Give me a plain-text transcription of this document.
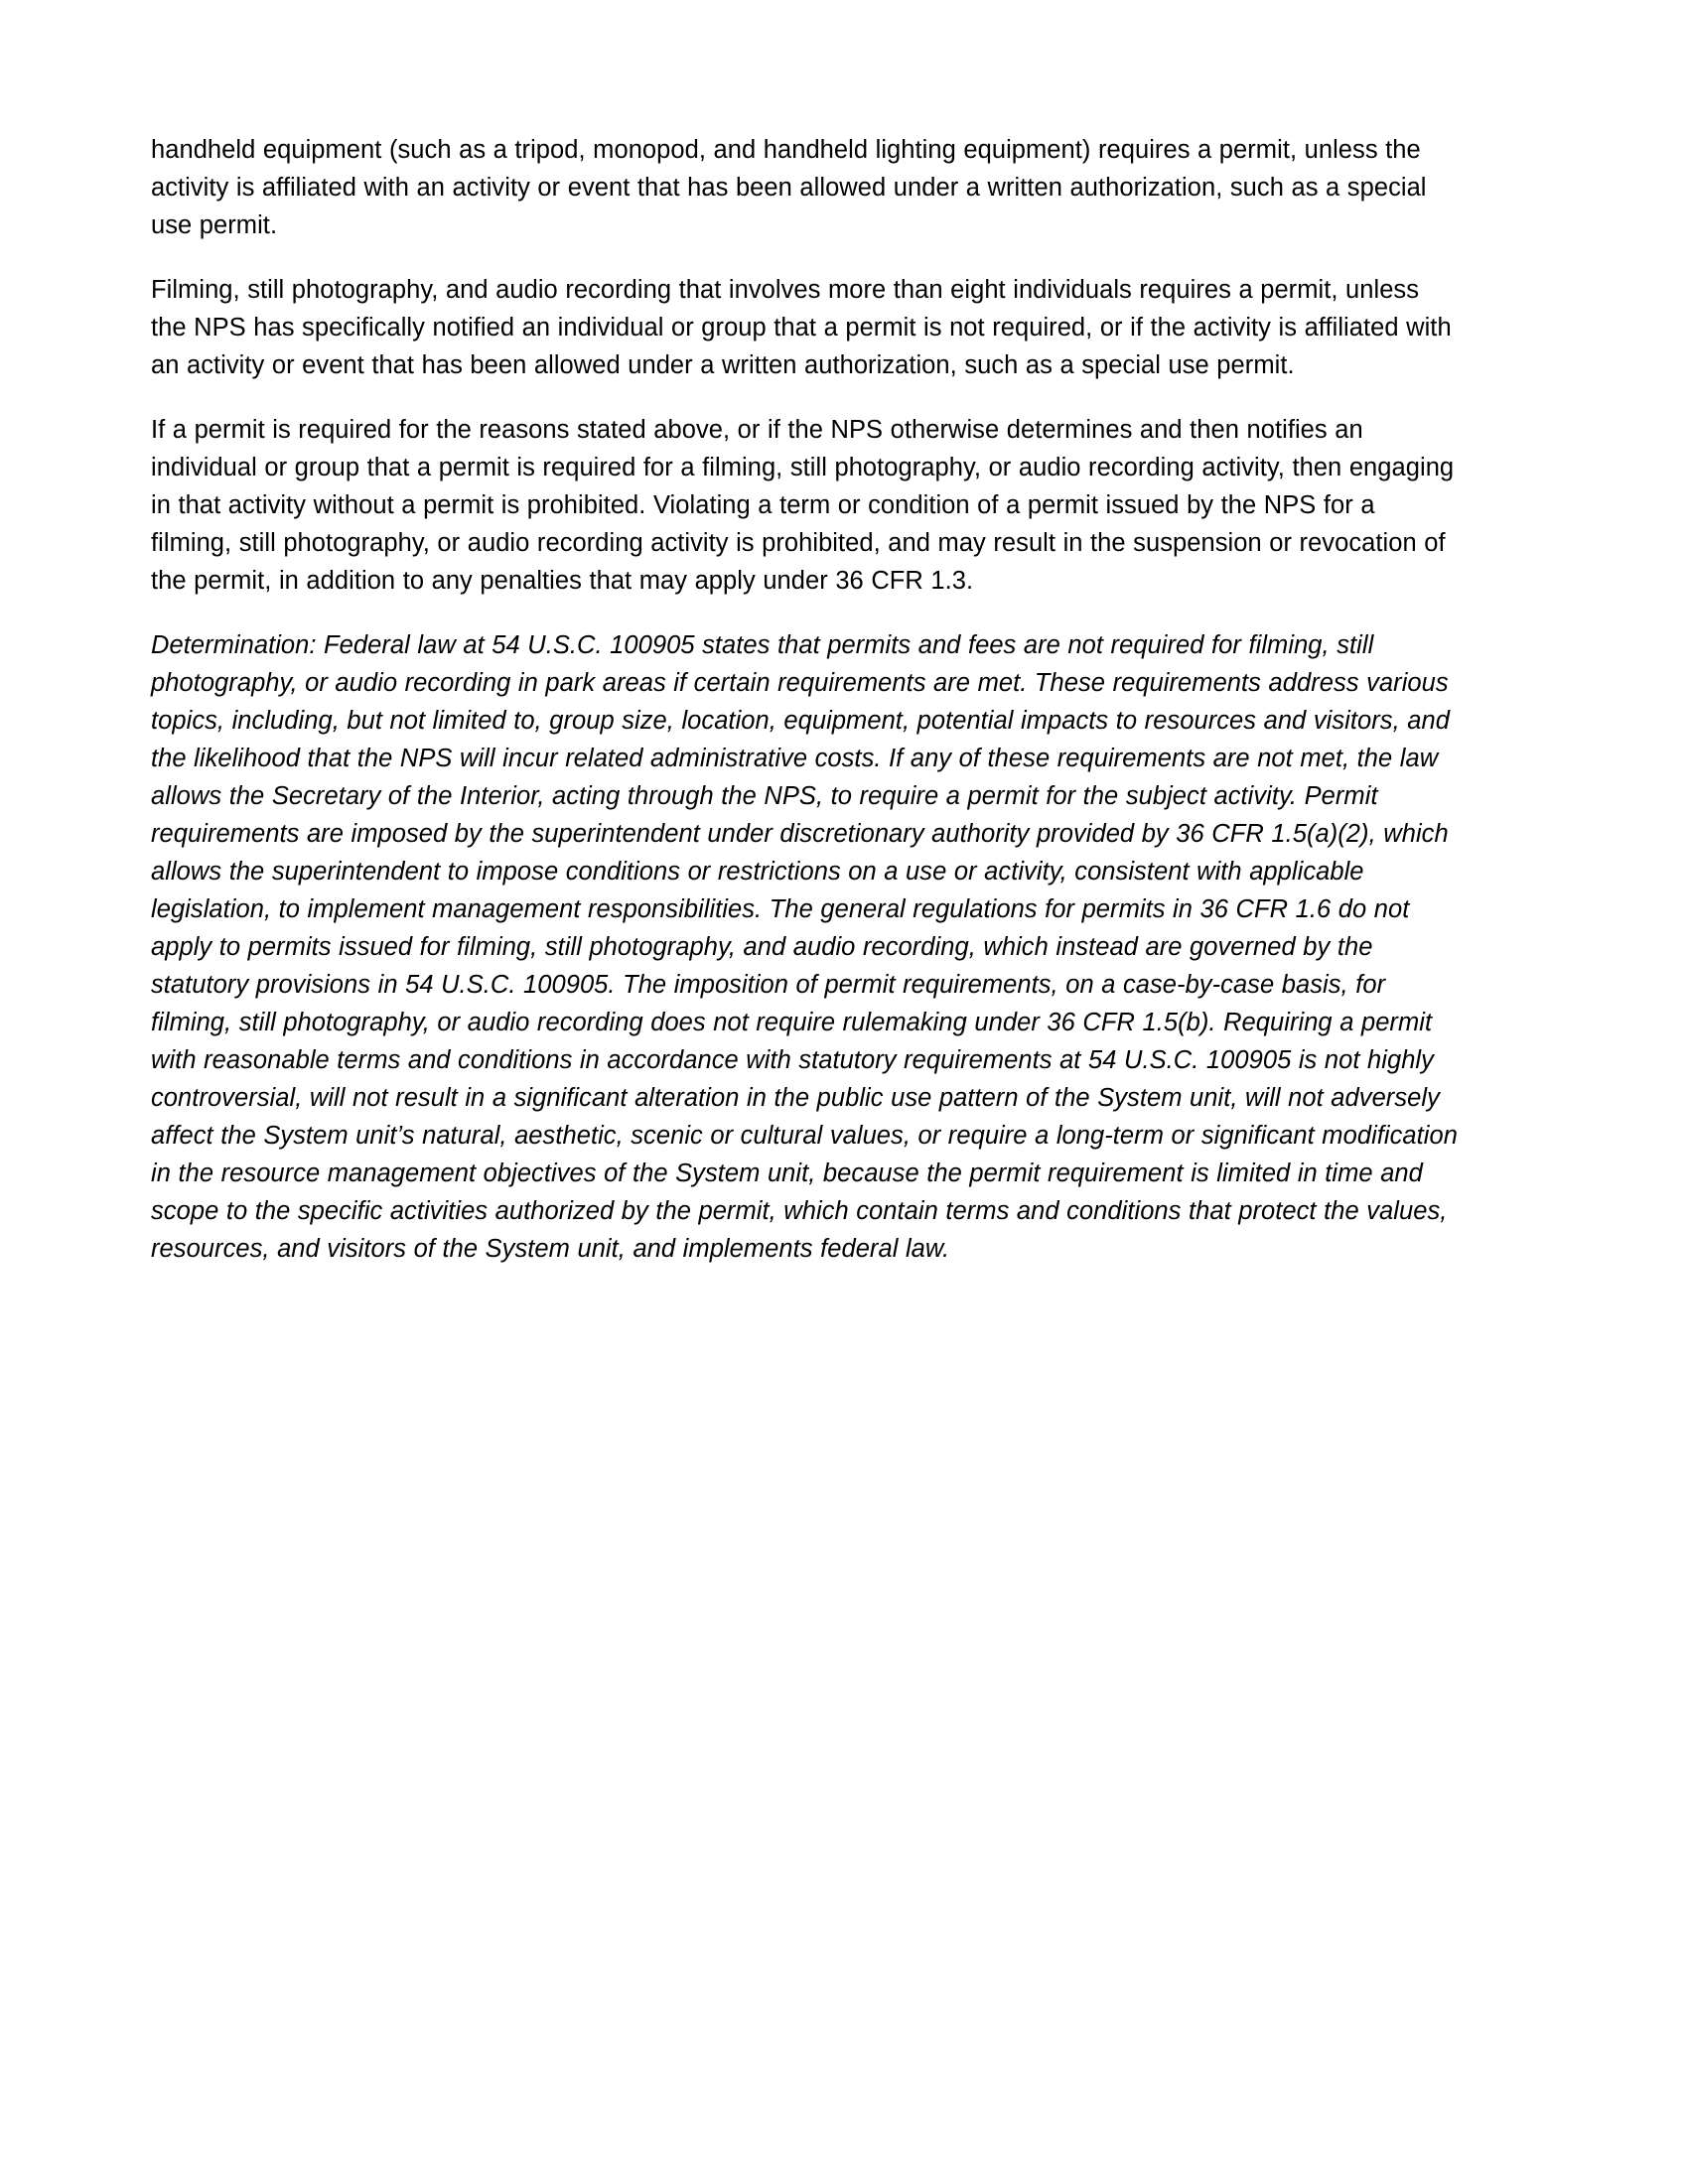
handheld equipment (such as a tripod, monopod, and handheld lighting equipment) requires a permit, unless the activity is affiliated with an activity or event that has been allowed under a written authorization, such as a special use permit.

Filming, still photography, and audio recording that involves more than eight individuals requires a permit, unless the NPS has specifically notified an individual or group that a permit is not required, or if the activity is affiliated with an activity or event that has been allowed under a written authorization, such as a special use permit.

If a permit is required for the reasons stated above, or if the NPS otherwise determines and then notifies an individual or group that a permit is required for a filming, still photography, or audio recording activity, then engaging in that activity without a permit is prohibited. Violating a term or condition of a permit issued by the NPS for a filming, still photography, or audio recording activity is prohibited, and may result in the suspension or revocation of the permit, in addition to any penalties that may apply under 36 CFR 1.3.

Determination: Federal law at 54 U.S.C. 100905 states that permits and fees are not required for filming, still photography, or audio recording in park areas if certain requirements are met. These requirements address various topics, including, but not limited to, group size, location, equipment, potential impacts to resources and visitors, and the likelihood that the NPS will incur related administrative costs. If any of these requirements are not met, the law allows the Secretary of the Interior, acting through the NPS, to require a permit for the subject activity. Permit requirements are imposed by the superintendent under discretionary authority provided by 36 CFR 1.5(a)(2), which allows the superintendent to impose conditions or restrictions on a use or activity, consistent with applicable legislation, to implement management responsibilities. The general regulations for permits in 36 CFR 1.6 do not apply to permits issued for filming, still photography, and audio recording, which instead are governed by the statutory provisions in 54 U.S.C. 100905. The imposition of permit requirements, on a case-by-case basis, for filming, still photography, or audio recording does not require rulemaking under 36 CFR 1.5(b). Requiring a permit with reasonable terms and conditions in accordance with statutory requirements at 54 U.S.C. 100905 is not highly controversial, will not result in a significant alteration in the public use pattern of the System unit, will not adversely affect the System unit’s natural, aesthetic, scenic or cultural values, or require a long-term or significant modification in the resource management objectives of the System unit, because the permit requirement is limited in time and scope to the specific activities authorized by the permit, which contain terms and conditions that protect the values, resources, and visitors of the System unit, and implements federal law.
